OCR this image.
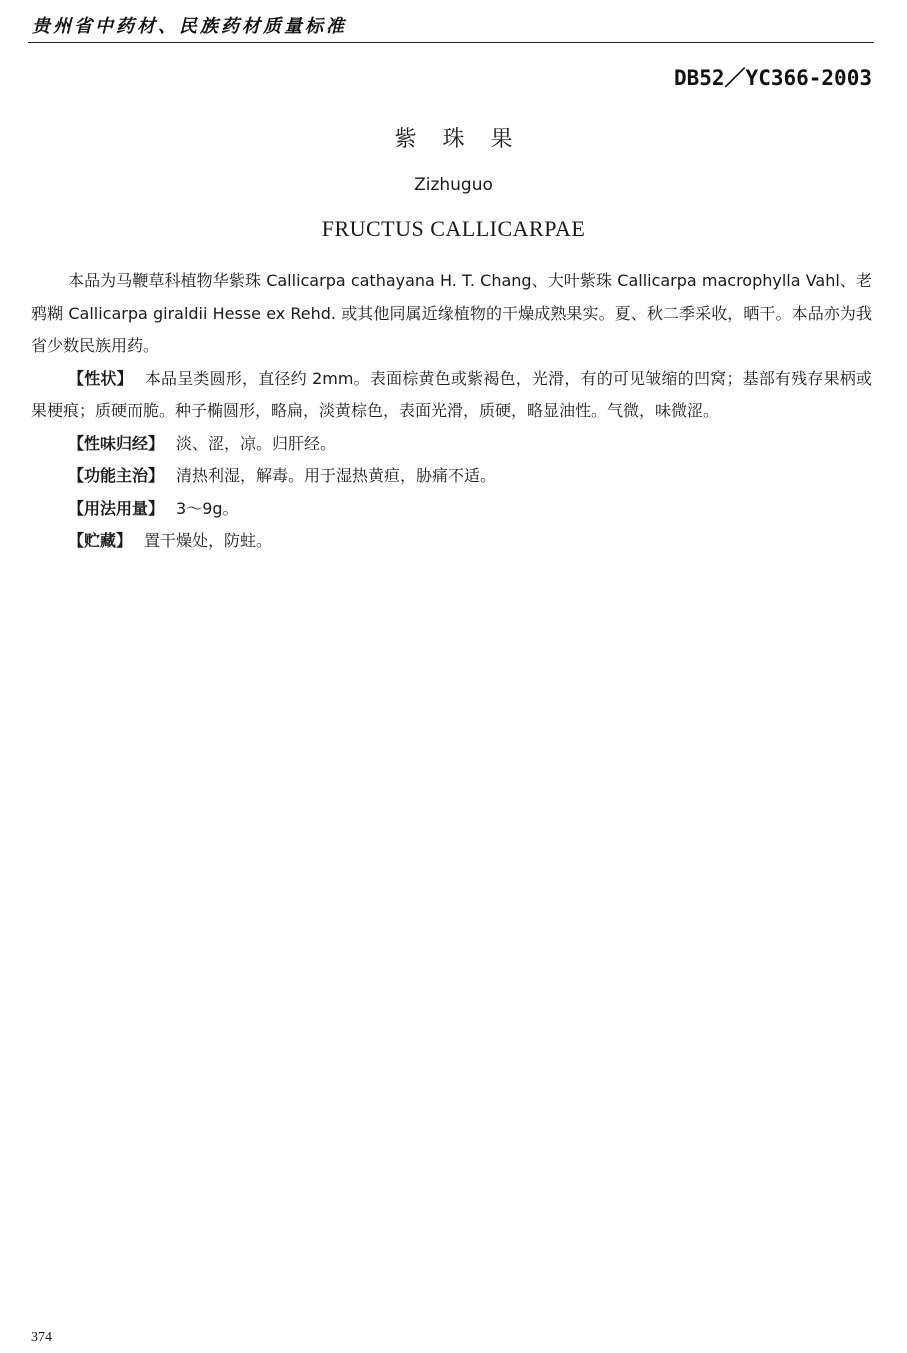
贵州省中药材、民族药材质量标准
DB52／YC366-2003
紫珠果
Zizhuguo
FRUCTUS CALLICARPAE

本品为马鞭草科植物华紫珠 Callicarpa cathayana H. T. Chang、大叶紫珠 Callicarpa macrophylla Vahl、老鸦糊 Callicarpa giraldii Hesse ex Rehd. 或其他同属近缘植物的干燥成熟果实。夏、秋二季采收，晒干。本品亦为我省少数民族用药。

【性状】 本品呈类圆形，直径约 2mm。表面棕黄色或紫褐色，光滑，有的可见皱缩的凹窝；基部有残存果柄或果梗痕；质硬而脆。种子椭圆形，略扁，淡黄棕色，表面光滑，质硬，略显油性。气微，味微涩。

【性味归经】 淡、涩，凉。归肝经。

【功能主治】 清热利湿，解毒。用于湿热黄疸，胁痛不适。

【用法用量】 3～9g。

【贮藏】 置干燥处，防蛀。

374
